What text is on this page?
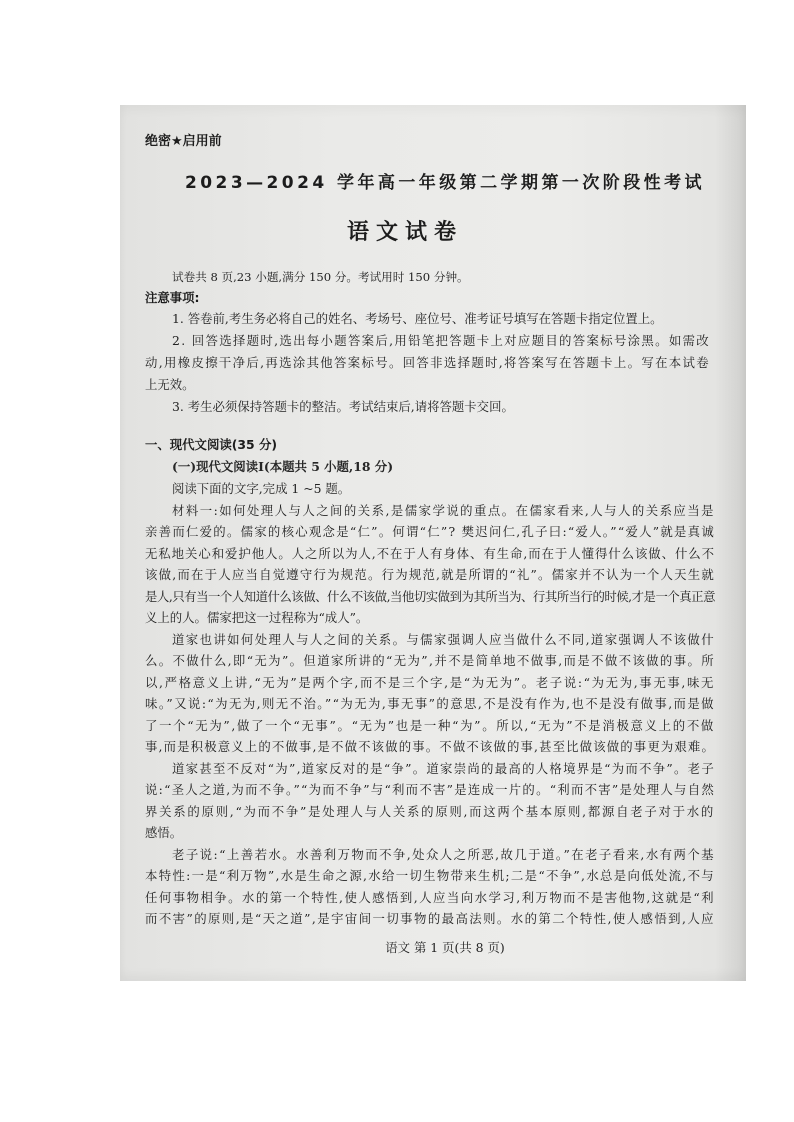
绝密★启用前
2023—2024 学年高一年级第二学期第一次阶段性考试
语文试卷
试卷共 8 页,23 小题,满分 150 分。考试用时 150 分钟。
注意事项:
1. 答卷前,考生务必将自己的姓名、考场号、座位号、准考证号填写在答题卡指定位置上。
2. 回答选择题时,选出每小题答案后,用铅笔把答题卡上对应题目的答案标号涂黑。如需改
动,用橡皮擦干净后,再选涂其他答案标号。回答非选择题时,将答案写在答题卡上。写在本试卷
上无效。
3. 考生必须保持答题卡的整洁。考试结束后,请将答题卡交回。
一、现代文阅读(35 分)
(一)现代文阅读Ⅰ(本题共 5 小题,18 分)
阅读下面的文字,完成 1 ~5 题。
材料一:如何处理人与人之间的关系,是儒家学说的重点。在儒家看来,人与人的关系应当是
亲善而仁爱的。儒家的核心观念是“仁”。何谓“仁”? 樊迟问仁,孔子曰:“爱人。”“爱人”就是真诚
无私地关心和爱护他人。人之所以为人,不在于人有身体、有生命,而在于人懂得什么该做、什么不
该做,而在于人应当自觉遵守行为规范。行为规范,就是所谓的“礼”。儒家并不认为一个人天生就
是人,只有当一个人知道什么该做、什么不该做,当他切实做到为其所当为、行其所当行的时候,才是一个真正意
义上的人。儒家把这一过程称为“成人”。
道家也讲如何处理人与人之间的关系。与儒家强调人应当做什么不同,道家强调人不该做什
么。不做什么,即“无为”。但道家所讲的“无为”,并不是简单地不做事,而是不做不该做的事。所
以,严格意义上讲,“无为”是两个字,而不是三个字,是“为无为”。老子说:“为无为,事无事,味无
味。”又说:“为无为,则无不治。”“为无为,事无事”的意思,不是没有作为,也不是没有做事,而是做
了一个“无为”,做了一个“无事”。“无为”也是一种“为”。所以,“无为”不是消极意义上的不做
事,而是积极意义上的不做事,是不做不该做的事。不做不该做的事,甚至比做该做的事更为艰难。
道家甚至不反对“为”,道家反对的是“争”。道家崇尚的最高的人格境界是“为而不争”。老子
说:“圣人之道,为而不争。”“为而不争”与“利而不害”是连成一片的。“利而不害”是处理人与自然
界关系的原则,“为而不争”是处理人与人关系的原则,而这两个基本原则,都源自老子对于水的
感悟。
老子说:“上善若水。水善利万物而不争,处众人之所恶,故几于道。”在老子看来,水有两个基
本特性:一是“利万物”,水是生命之源,水给一切生物带来生机;二是“不争”,水总是向低处流,不与
任何事物相争。水的第一个特性,使人感悟到,人应当向水学习,利万物而不是害他物,这就是“利
而不害”的原则,是“天之道”,是宇宙间一切事物的最高法则。水的第二个特性,使人感悟到,人应
语文 第 1 页(共 8 页)
